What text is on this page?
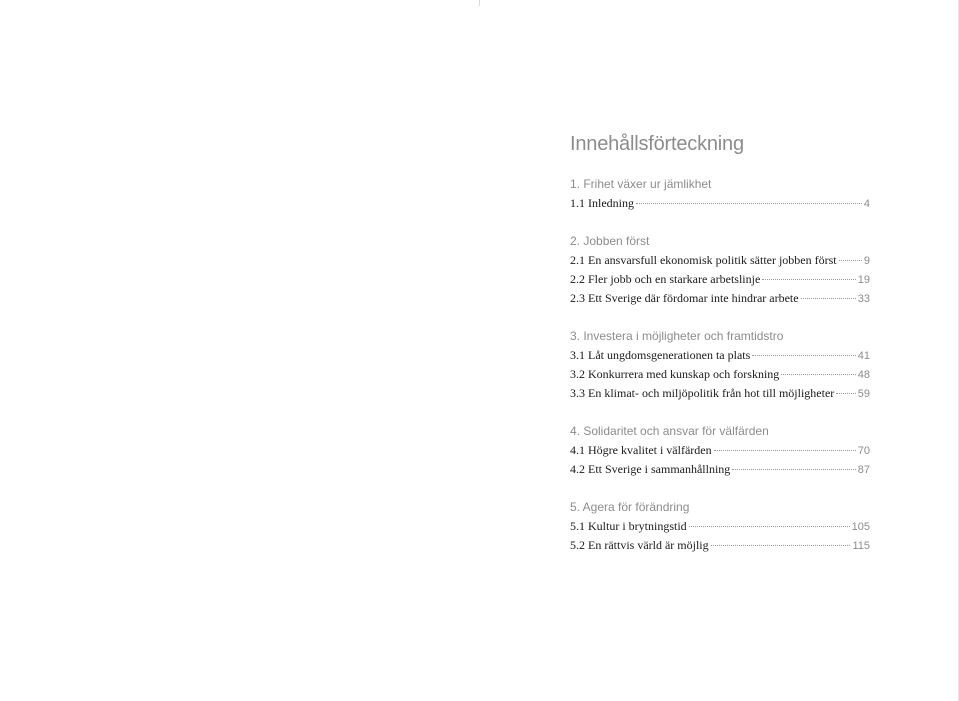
Innehållsförteckning
1. Frihet växer ur jämlikhet
1.1 Inledning	4
2. Jobben först
2.1 En ansvarsfull ekonomisk politik sätter jobben först 9
2.2 Fler jobb och en starkare arbetslinje	19
2.3 Ett Sverige där fördomar inte hindrar arbete	33
3. Investera i möjligheter och framtidstro
3.1 Låt ungdomsgenerationen ta plats	41
3.2 Konkurrera med kunskap och forskning	48
3.3 En klimat- och miljöpolitik från hot till möjligheter 59
4. Solidaritet och ansvar för välfärden
4.1 Högre kvalitet i välfärden	70
4.2 Ett Sverige i sammanhållning	87
5. Agera för förändring
5.1 Kultur i brytningstid	105
5.2 En rättvis värld är möjlig	115
